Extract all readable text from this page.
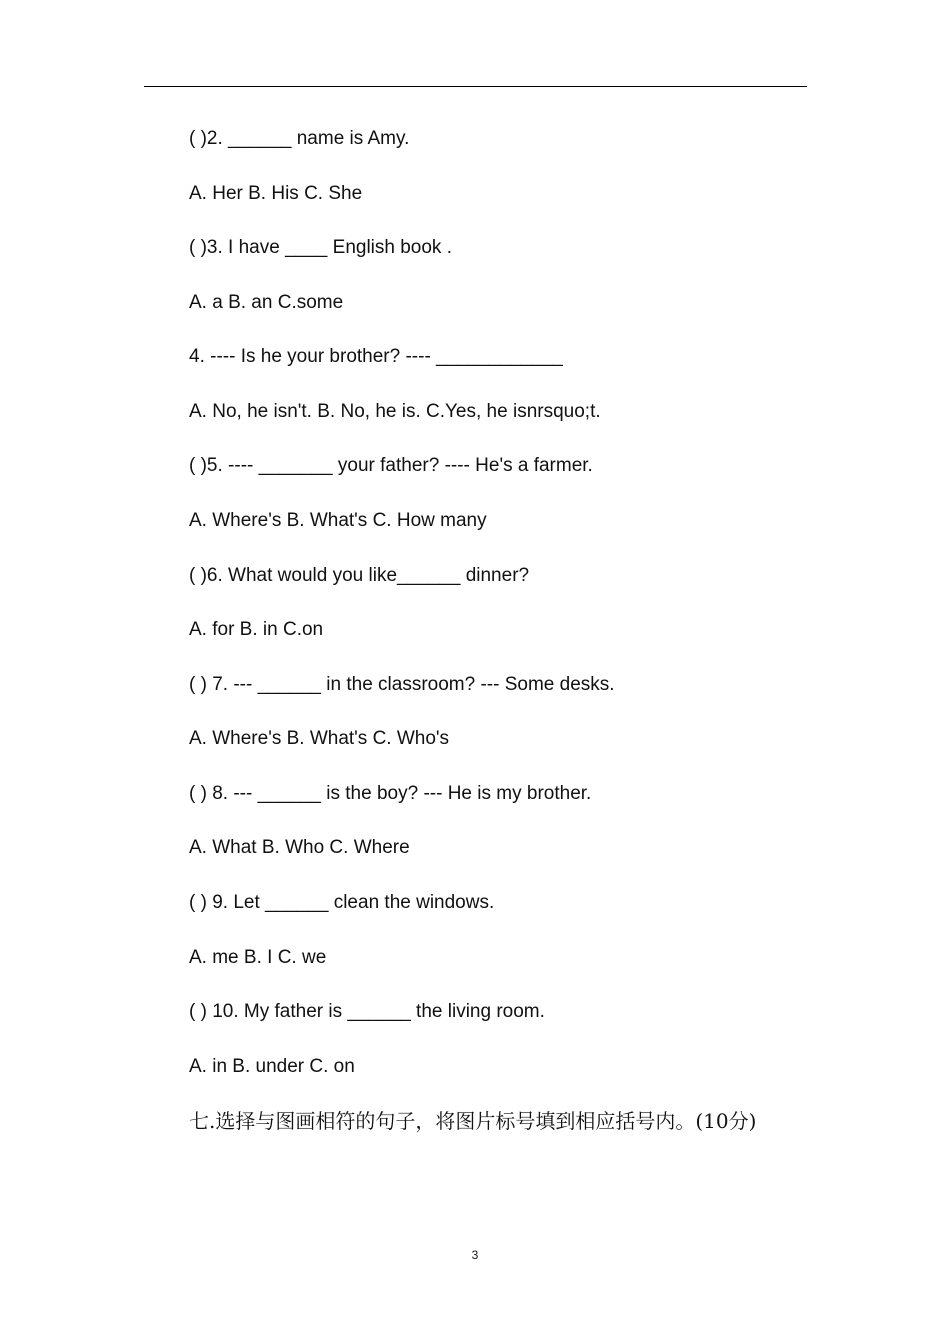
( )2. ______ name is Amy.
A. Her B. His C. She
( )3. I have ____ English book .
A. a B. an C.some
4. ---- Is he your brother? ---- ____________
A. No, he isn't. B. No, he is. C.Yes, he isnrsquo;t.
( )5. ---- _______ your father? ---- He's a farmer.
A. Where's B. What's C. How many
( )6. What would you like______ dinner?
A. for B. in C.on
( ) 7. --- ______ in the classroom? --- Some desks.
A. Where's B. What's C. Who's
( ) 8. --- ______ is the boy? --- He is my brother.
A. What B. Who C. Where
( ) 9. Let ______ clean the windows.
A. me B. I C. we
( ) 10. My father is ______ the living room.
A. in B. under C. on
七.选择与图画相符的句子，将图片标号填到相应括号内。(10分)
3
